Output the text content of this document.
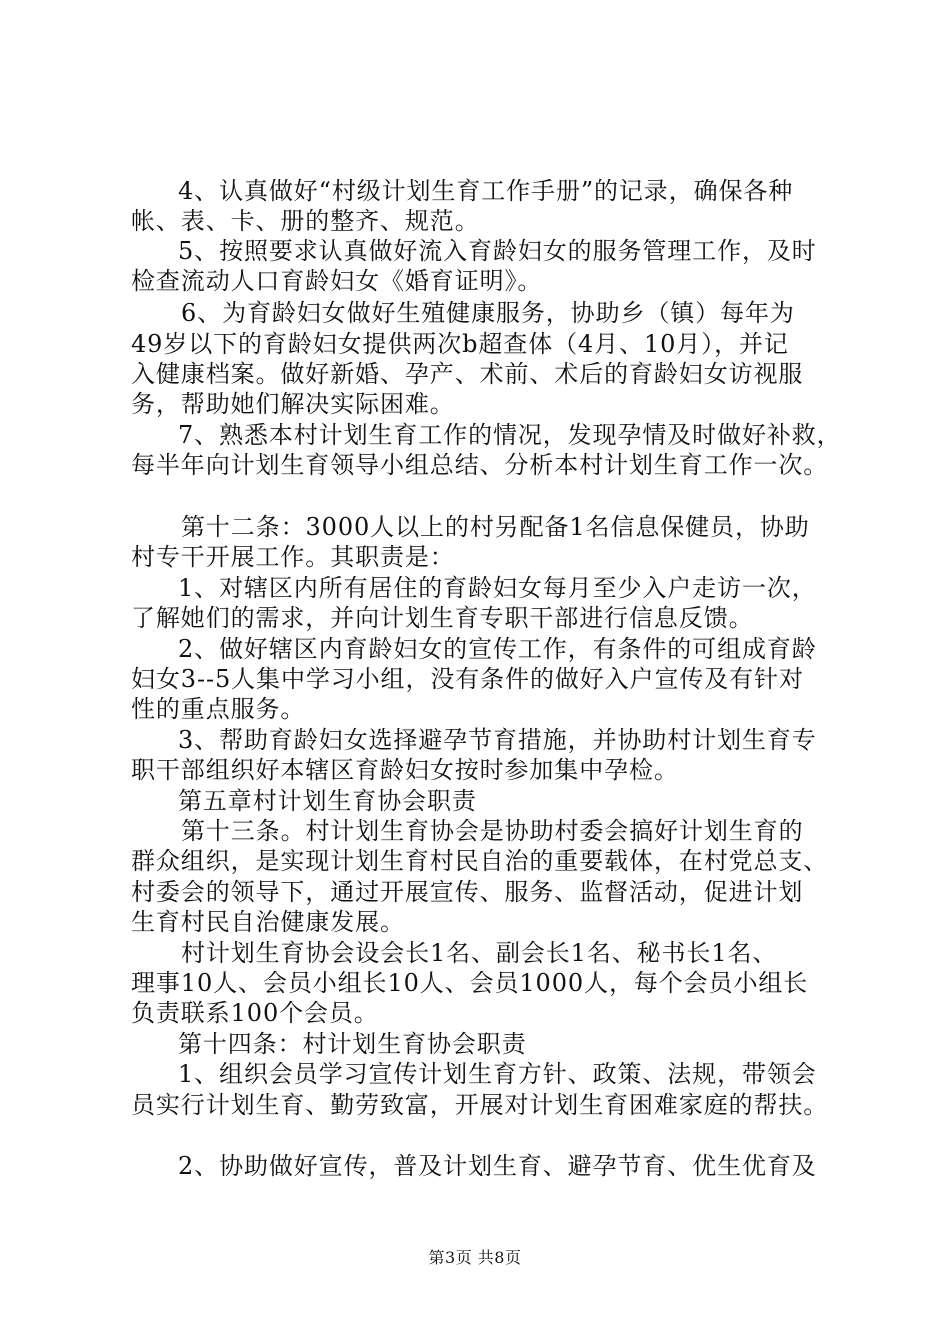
4、认真做好“村级计划生育工作手册”的记录，确保各种
帐、表、卡、册的整齐、规范。
5、按照要求认真做好流入育龄妇女的服务管理工作，及时
检查流动人口育龄妇女《婚育证明》。
6、为育龄妇女做好生殖健康服务，协助乡（镇）每年为
49岁以下的育龄妇女提供两次b超查体（4月、10月），并记
入健康档案。做好新婚、孕产、术前、术后的育龄妇女访视服
务，帮助她们解决实际困难。
7、熟悉本村计划生育工作的情况，发现孕情及时做好补救，
每半年向计划生育领导小组总结、分析本村计划生育工作一次。
第十二条：3000人以上的村另配备1名信息保健员，协助
村专干开展工作。其职责是：
1、对辖区内所有居住的育龄妇女每月至少入户走访一次，
了解她们的需求，并向计划生育专职干部进行信息反馈。
2、做好辖区内育龄妇女的宣传工作，有条件的可组成育龄
妇女3--5人集中学习小组，没有条件的做好入户宣传及有针对
性的重点服务。
3、帮助育龄妇女选择避孕节育措施，并协助村计划生育专
职干部组织好本辖区育龄妇女按时参加集中孕检。
第五章村计划生育协会职责
第十三条。村计划生育协会是协助村委会搞好计划生育的
群众组织，是实现计划生育村民自治的重要载体，在村党总支、
村委会的领导下，通过开展宣传、服务、监督活动，促进计划
生育村民自治健康发展。
村计划生育协会设会长1名、副会长1名、秘书长1名、
理事10人、会员小组长10人、会员1000人，每个会员小组长
负责联系100个会员。
第十四条：村计划生育协会职责
1、组织会员学习宣传计划生育方针、政策、法规，带领会
员实行计划生育、勤劳致富，开展对计划生育困难家庭的帮扶。
2、协助做好宣传，普及计划生育、避孕节育、优生优育及
第3页 共8页
